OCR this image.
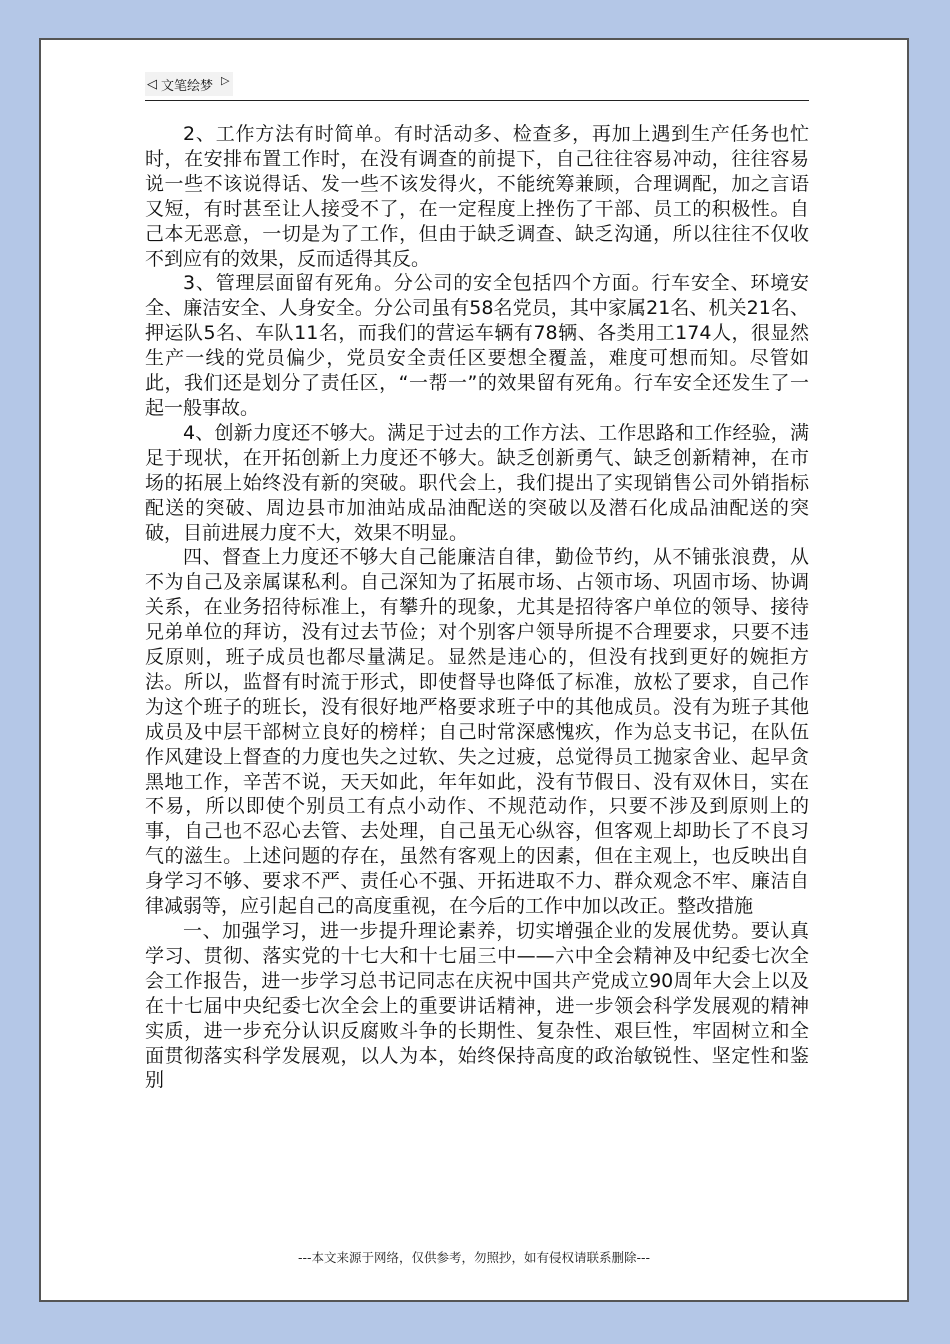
◁ 文笔绘梦 ▷

2、工作方法有时简单。有时活动多、检查多，再加上遇到生产任务也忙时，在安排布置工作时，在没有调查的前提下，自己往往容易冲动，往往容易说一些不该说得话、发一些不该发得火，不能统筹兼顾，合理调配，加之言语又短，有时甚至让人接受不了，在一定程度上挫伤了干部、员工的积极性。自己本无恶意，一切是为了工作，但由于缺乏调查、缺乏沟通，所以往往不仅收不到应有的效果，反而适得其反。

3、管理层面留有死角。分公司的安全包括四个方面。行车安全、环境安全、廉洁安全、人身安全。分公司虽有58名党员，其中家属21名、机关21名、押运队5名、车队11名，而我们的营运车辆有78辆、各类用工174人，很显然生产一线的党员偏少，党员安全责任区要想全覆盖，难度可想而知。尽管如此，我们还是划分了责任区，“一帮一”的效果留有死角。行车安全还发生了一起一般事故。

4、创新力度还不够大。满足于过去的工作方法、工作思路和工作经验，满足于现状，在开拓创新上力度还不够大。缺乏创新勇气、缺乏创新精神，在市场的拓展上始终没有新的突破。职代会上，我们提出了实现销售公司外销指标配送的突破、周边县市加油站成品油配送的突破以及潜石化成品油配送的突破，目前进展力度不大，效果不明显。

四、督查上力度还不够大自己能廉洁自律，勤俭节约，从不铺张浪费，从不为自己及亲属谋私利。自己深知为了拓展市场、占领市场、巩固市场、协调关系，在业务招待标准上，有攀升的现象，尤其是招待客户单位的领导、接待兄弟单位的拜访，没有过去节俭；对个别客户领导所提不合理要求，只要不违反原则，班子成员也都尽量满足。显然是违心的，但没有找到更好的婉拒方法。所以，监督有时流于形式，即使督导也降低了标准，放松了要求，自己作为这个班子的班长，没有很好地严格要求班子中的其他成员。没有为班子其他成员及中层干部树立良好的榜样；自己时常深感愧疚，作为总支书记，在队伍作风建设上督查的力度也失之过软、失之过疲，总觉得员工抛家舍业、起早贪黑地工作，辛苦不说，天天如此，年年如此，没有节假日、没有双休日，实在不易，所以即使个别员工有点小动作、不规范动作，只要不涉及到原则上的事，自己也不忍心去管、去处理，自己虽无心纵容，但客观上却助长了不良习气的滋生。上述问题的存在，虽然有客观上的因素，但在主观上，也反映出自身学习不够、要求不严、责任心不强、开拓进取不力、群众观念不牢、廉洁自律减弱等，应引起自己的高度重视，在今后的工作中加以改正。整改措施

一、加强学习，进一步提升理论素养，切实增强企业的发展优势。要认真学习、贯彻、落实党的十七大和十七届三中——六中全会精神及中纪委七次全会工作报告，进一步学习总书记同志在庆祝中国共产党成立90周年大会上以及在十七届中央纪委七次全会上的重要讲话精神，进一步领会科学发展观的精神实质，进一步充分认识反腐败斗争的长期性、复杂性、艰巨性，牢固树立和全面贯彻落实科学发展观，以人为本，始终保持高度的政治敏锐性、坚定性和鉴别

---本文来源于网络，仅供参考，勿照抄，如有侵权请联系删除---
